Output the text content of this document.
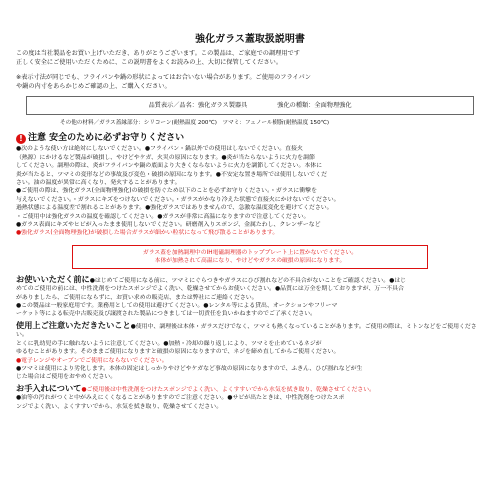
強化ガラス蓋取扱説明書
この度は当社製品をお買い上げいただき、ありがとうございます。この製品は、ご家庭での調理用です
正しく安全にご使用いただくために、この説明書をよくお読みの上、大切に保管してください。
※表示寸法が同じでも、フライパンや鍋の形状によってはお合いない場合があります。ご使用のフライパン
や鍋の内寸をあらかじめご確認の上、ご購入ください。
品質表示／品名：強化ガラス製器具	強化の種類：全面物理強化
その他の材料／ガラス蓋縁部分：シリコーン(耐熱温度 200℃)　ツマミ：フェノール樹脂(耐熱温度 150℃)
! 注意 安全のために必ずお守りください
●次のような使い方は絶対にしないでください。●フライパン・鍋以外での使用はしないでください。直接火
（熱源）にかけるなど製品が破損し、やけどやケガ、火災の原因になります。●炎が当たらないように火力を調節
してください。調理の際は、炎がフライパンや鍋の底面より大きくならないように火力を調節してください。本体に
炎が当たると、ツマミの変形などの事故及び変色・破損の原因になります。●不安定な置き場所では使用しないでくだ
さい。油の温度が異常に高くなり、発火することがあります。
●ご使用の際は、強化ガラス(全面物理強化)の破損を防ぐため以下のことを必ずお守りください。・ガラスに衝撃を
与えないでください。・ガラスにキズをつけないでください。・ガラスがかなり冷えた状態で直接火にかけないでください。
過熱状態による温度差で割れることがあります。●強化ガラスではありませんので、急激な温度変化を避けてください。
・ご使用中は強化ガラスの温度を確認してください。●ガラスが非常に高温になりますので注意してください。
●ガラス表面にキズやヒビが入ったまま使用しないでください。研磨剤入りスポンジ、金属たわし、クレンザーなど
●強化ガラス(全面物理強化)が破損した場合ガラスが細かい粒状になって飛び散ることがあります。
ガラス蓋を加熱調理中のIH電磁調理器のトッププレート上に置かないでください。
本体が加熱されて高温になり、やけどやガラスの破損の原因になります。
お使いいただく前に●はじめてご使用になる前に、ツマミにぐらつきやガラスにひび割れなどの不具合がないことをご確認ください。●はじ
めてのご使用の前には、中性洗剤をつけたスポンジでよく洗い、乾燥させてからお使いください。●品質には万全を期しておりますが、万一不具合
がありましたら、ご使用にならずに、お買い求めの販売店、または弊社にご連絡ください。
●この製品は一般家庭用です。業務用としての使用は避けてください。●レンタル等による貸出、オークションやフリーマ
ーケット等による転売中古販売及び譲渡された製品につきましては一切責任を負いかねますのでご了承ください。
使用上ご注意いただきたいこと●使用中、調理後は本体・ガラスだけでなく、ツマミも熱くなっていることがあります。ご使用の際は、ミトンなどをご使用ください。
とくに乳幼児の手に触れないように注意してください。●加熱・冷却の繰り返しにより、ツマミを止めているネジが
ゆるむことがあります。そのままご使用になりますと破損の原因になりますので、ネジを締め直してからご使用ください。
●電子レンジやオーブンでご使用にならないでください。
●ツマミは使用により劣化します。本体の固定はしっかりやけどやケガなど事故の原因になりますので、ふきん、ひび割れなどが生
じた場合はご使用をおやめください。
お手入れについて●ご使用後は中性洗剤をつけたスポンジでよく洗い、よくすすいでから水気を拭き取り、乾燥させてください。
●油等の汚れがつくと中がみえにくくなることがありますのでご注意ください。●サビが出たときは、中性洗剤をつけたスポ
ンジでよく洗い、よくすすいでから、水気を拭き取り、乾燥させてください。
